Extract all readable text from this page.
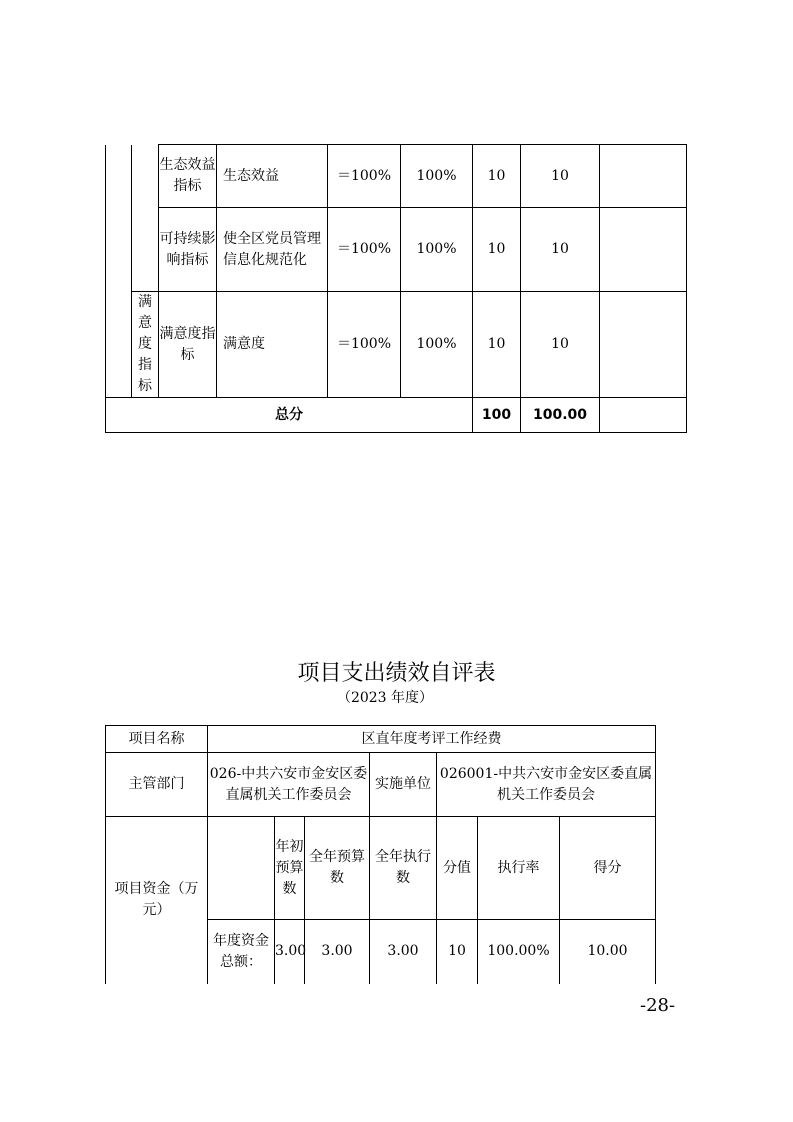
		生态效益指标	生态效益	＝100%	100%	10	10	
		可持续影响指标	使全区党员管理信息化规范化	＝100%	100%	10	10	
	满意度指标	满意度指标	满意度	＝100%	100%	10	10	
总分						100	100.00	
项目支出绩效自评表
（2023 年度）
项目名称	区直年度考评工作经费						
主管部门	026-中共六安市金安区委直属机关工作委员会			实施单位	026001-中共六安市金安区委直属机关工作委员会		
项目资金（万元）		年初预算数	全年预算数	全年执行数	分值	执行率	得分
	年度资金总额：	3.00	3.00	3.00	10	100.00%	10.00
-28-
